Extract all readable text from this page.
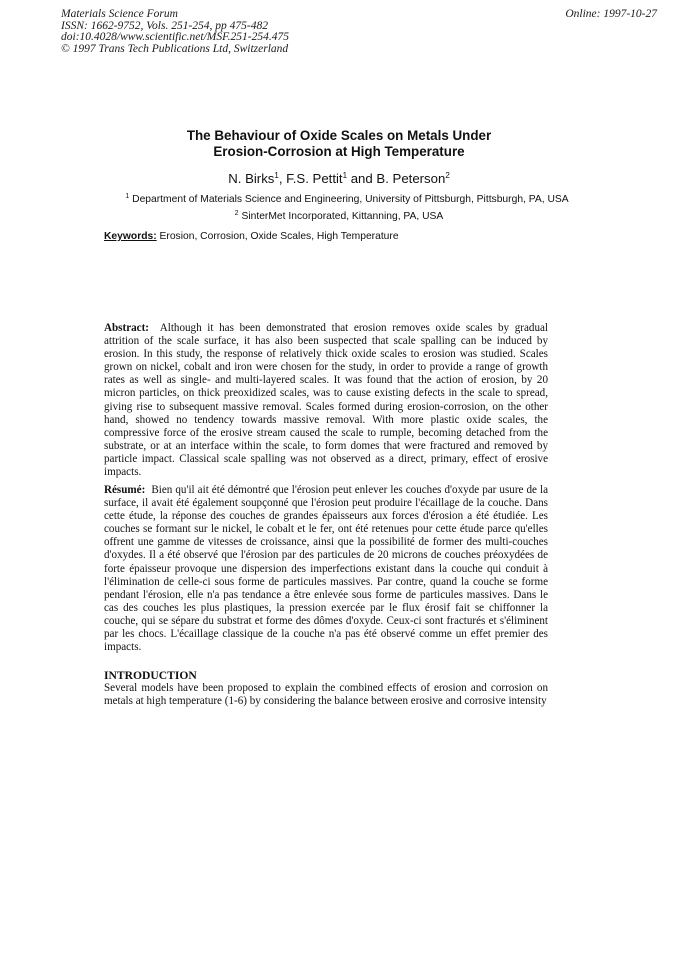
Materials Science Forum
ISSN: 1662-9752, Vols. 251-254, pp 475-482
doi:10.4028/www.scientific.net/MSF.251-254.475
© 1997 Trans Tech Publications Ltd, Switzerland
Online: 1997-10-27
The Behaviour of Oxide Scales on Metals Under
Erosion-Corrosion at High Temperature
N. Birks$^1$, F.S. Pettit$^1$ and B. Peterson$^2$
$^1$ Department of Materials Science and Engineering, University of Pittsburgh, Pittsburgh, PA, USA
$^2$ SinterMet Incorporated, Kittanning, PA, USA
Keywords: Erosion, Corrosion, Oxide Scales, High Temperature
Abstract: Although it has been demonstrated that erosion removes oxide scales by gradual attrition of the scale surface, it has also been suspected that scale spalling can be induced by erosion. In this study, the response of relatively thick oxide scales to erosion was studied. Scales grown on nickel, cobalt and iron were chosen for the study, in order to provide a range of growth rates as well as single- and multi-layered scales. It was found that the action of erosion, by 20 micron particles, on thick preoxidized scales, was to cause existing defects in the scale to spread, giving rise to subsequent massive removal. Scales formed during erosion-corrosion, on the other hand, showed no tendency towards massive removal. With more plastic oxide scales, the compressive force of the erosive stream caused the scale to rumple, becoming detached from the substrate, or at an interface within the scale, to form domes that were fractured and removed by particle impact. Classical scale spalling was not observed as a direct, primary, effect of erosive impacts.
Résumé: Bien qu'il ait été démontré que l'érosion peut enlever les couches d'oxyde par usure de la surface, il avait été également soupçonné que l'érosion peut produire l'écaillage de la couche. Dans cette étude, la réponse des couches de grandes épaisseurs aux forces d'érosion a été étudiée. Les couches se formant sur le nickel, le cobalt et le fer, ont été retenues pour cette étude parce qu'elles offrent une gamme de vitesses de croissance, ainsi que la possibilité de former des multi-couches d'oxydes. Il a été observé que l'érosion par des particules de 20 microns de couches préoxydées de forte épaisseur provoque une dispersion des imperfections existant dans la couche qui conduit à l'élimination de celle-ci sous forme de particules massives. Par contre, quand la couche se forme pendant l'érosion, elle n'a pas tendance a être enlevée sous forme de particules massives. Dans le cas des couches les plus plastiques, la pression exercée par le flux érosif fait se chiffonner la couche, qui se sépare du substrat et forme des dômes d'oxyde. Ceux-ci sont fracturés et s'éliminent par les chocs. L'écaillage classique de la couche n'a pas été observé comme un effet premier des impacts.
INTRODUCTION
Several models have been proposed to explain the combined effects of erosion and corrosion on metals at high temperature (1-6) by considering the balance between erosive and corrosive intensity
